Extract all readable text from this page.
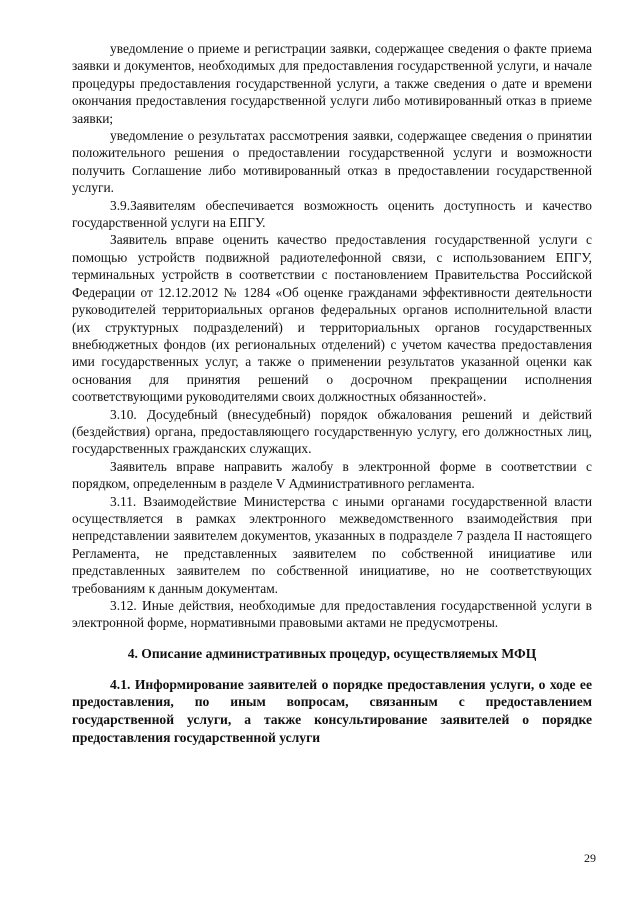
уведомление о приеме и регистрации заявки, содержащее сведения о факте приема заявки и документов, необходимых для предоставления государственной услуги, и начале процедуры предоставления государственной услуги, а также сведения о дате и времени окончания предоставления государственной услуги либо мотивированный отказ в приеме заявки;

уведомление о результатах рассмотрения заявки, содержащее сведения о принятии положительного решения о предоставлении государственной услуги и возможности получить Соглашение либо мотивированный отказ в предоставлении государственной услуги.

3.9.Заявителям обеспечивается возможность оценить доступность и качество государственной услуги на ЕПГУ.

Заявитель вправе оценить качество предоставления государственной услуги с помощью устройств подвижной радиотелефонной связи, с использованием ЕПГУ, терминальных устройств в соответствии с постановлением Правительства Российской Федерации от 12.12.2012 № 1284 «Об оценке гражданами эффективности деятельности руководителей территориальных органов федеральных органов исполнительной власти (их структурных подразделений) и территориальных органов государственных внебюджетных фондов (их региональных отделений) с учетом качества предоставления ими государственных услуг, а также о применении результатов указанной оценки как основания для принятия решений о досрочном прекращении исполнения соответствующими руководителями своих должностных обязанностей».

3.10. Досудебный (внесудебный) порядок обжалования решений и действий (бездействия) органа, предоставляющего государственную услугу, его должностных лиц, государственных гражданских служащих.

Заявитель вправе направить жалобу в электронной форме в соответствии с порядком, определенным в разделе V Административного регламента.

3.11. Взаимодействие Министерства с иными органами государственной власти осуществляется в рамках электронного межведомственного взаимодействия при непредставлении заявителем документов, указанных в подразделе 7 раздела II настоящего Регламента, не представленных заявителем по собственной инициативе или представленных заявителем по собственной инициативе, но не соответствующих требованиям к данным документам.

3.12. Иные действия, необходимые для предоставления государственной услуги в электронной форме, нормативными правовыми актами не предусмотрены.

4. Описание административных процедур, осуществляемых МФЦ

4.1. Информирование заявителей о порядке предоставления услуги, о ходе ее предоставления, по иным вопросам, связанным с предоставлением государственной услуги, а также консультирование заявителей о порядке предоставления государственной услуги

29
